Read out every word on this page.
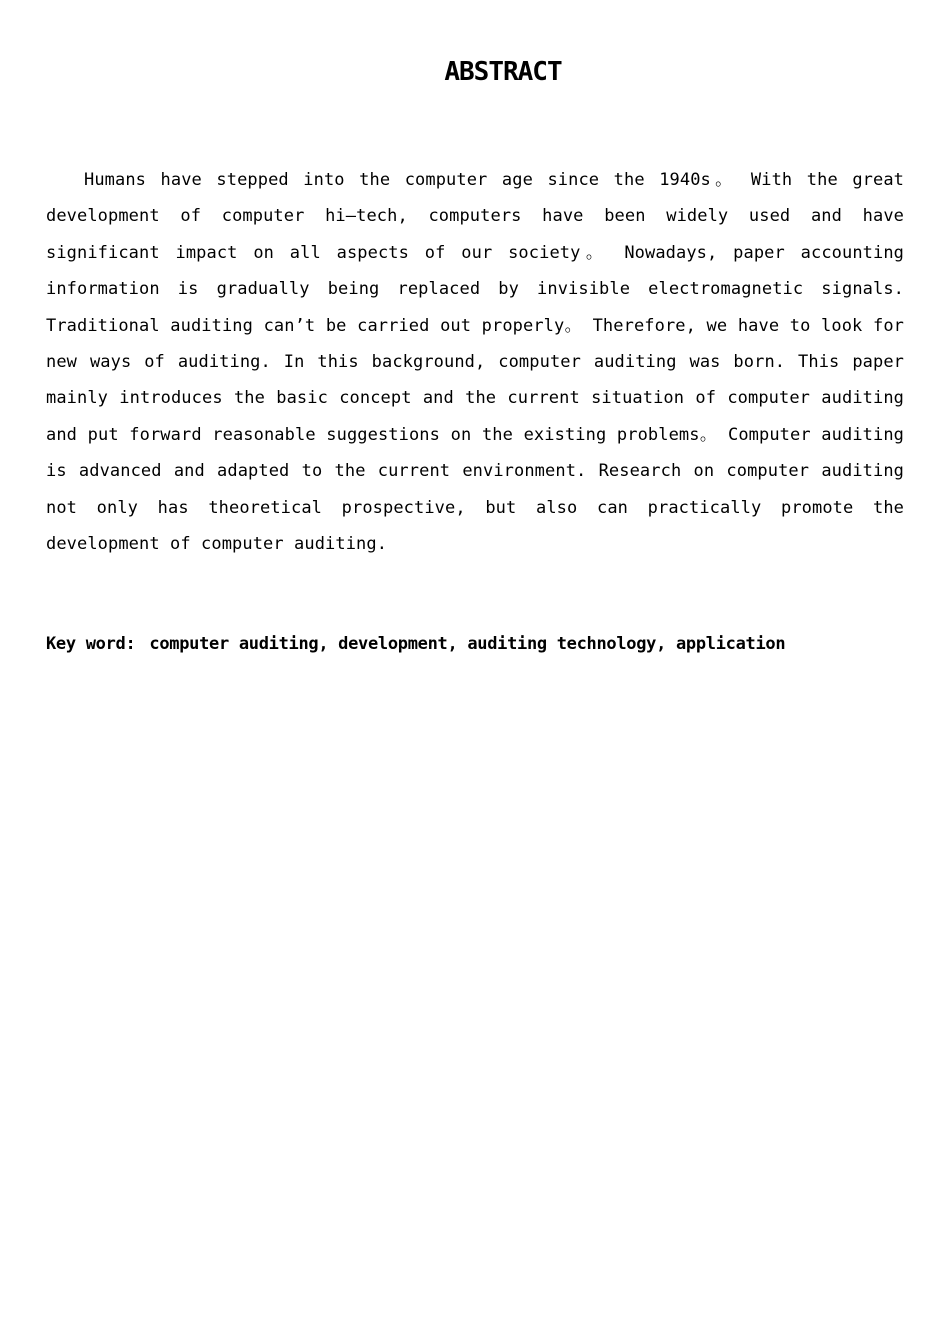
ABSTRACT

Humans have stepped into the computer age since the 1940s。 With the great development of computer hi—tech, computers have been widely used and have significant impact on all aspects of our society。 Nowadays, paper accounting information is gradually being replaced by invisible electromagnetic signals. Traditional auditing can’t be carried out properly。 Therefore, we have to look for new ways of auditing. In this background, computer auditing was born. This paper mainly introduces the basic concept and the current situation of computer auditing and put forward reasonable suggestions on the existing problems。 Computer auditing is advanced and adapted to the current environment. Research on computer auditing not only has theoretical prospective, but also can practically promote the development of computer auditing.

Key word: computer auditing, development, auditing technology, application
